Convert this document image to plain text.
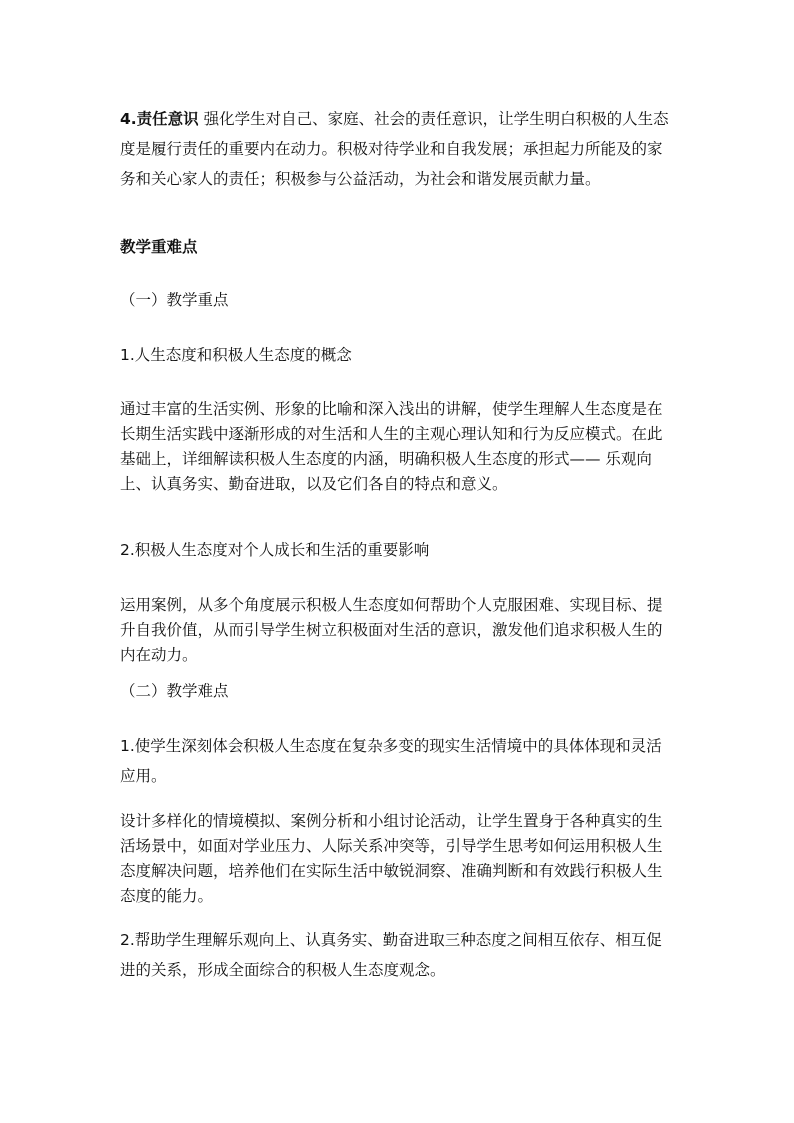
4.责任意识 强化学生对自己、家庭、社会的责任意识，让学生明白积极的人生态度是履行责任的重要内在动力。积极对待学业和自我发展；承担起力所能及的家务和关心家人的责任；积极参与公益活动，为社会和谐发展贡献力量。

教学重难点

（一）教学重点

1.人生态度和积极人生态度的概念

通过丰富的生活实例、形象的比喻和深入浅出的讲解，使学生理解人生态度是在长期生活实践中逐渐形成的对生活和人生的主观心理认知和行为反应模式。在此基础上，详细解读积极人生态度的内涵，明确积极人生态度的形式—— 乐观向上、认真务实、勤奋进取，以及它们各自的特点和意义。

2.积极人生态度对个人成长和生活的重要影响

运用案例，从多个角度展示积极人生态度如何帮助个人克服困难、实现目标、提升自我价值，从而引导学生树立积极面对生活的意识，激发他们追求积极人生的内在动力。

（二）教学难点

1.使学生深刻体会积极人生态度在复杂多变的现实生活情境中的具体体现和灵活应用。

设计多样化的情境模拟、案例分析和小组讨论活动，让学生置身于各种真实的生活场景中，如面对学业压力、人际关系冲突等，引导学生思考如何运用积极人生态度解决问题，培养他们在实际生活中敏锐洞察、准确判断和有效践行积极人生态度的能力。

2.帮助学生理解乐观向上、认真务实、勤奋进取三种态度之间相互依存、相互促进的关系，形成全面综合的积极人生态度观念。
